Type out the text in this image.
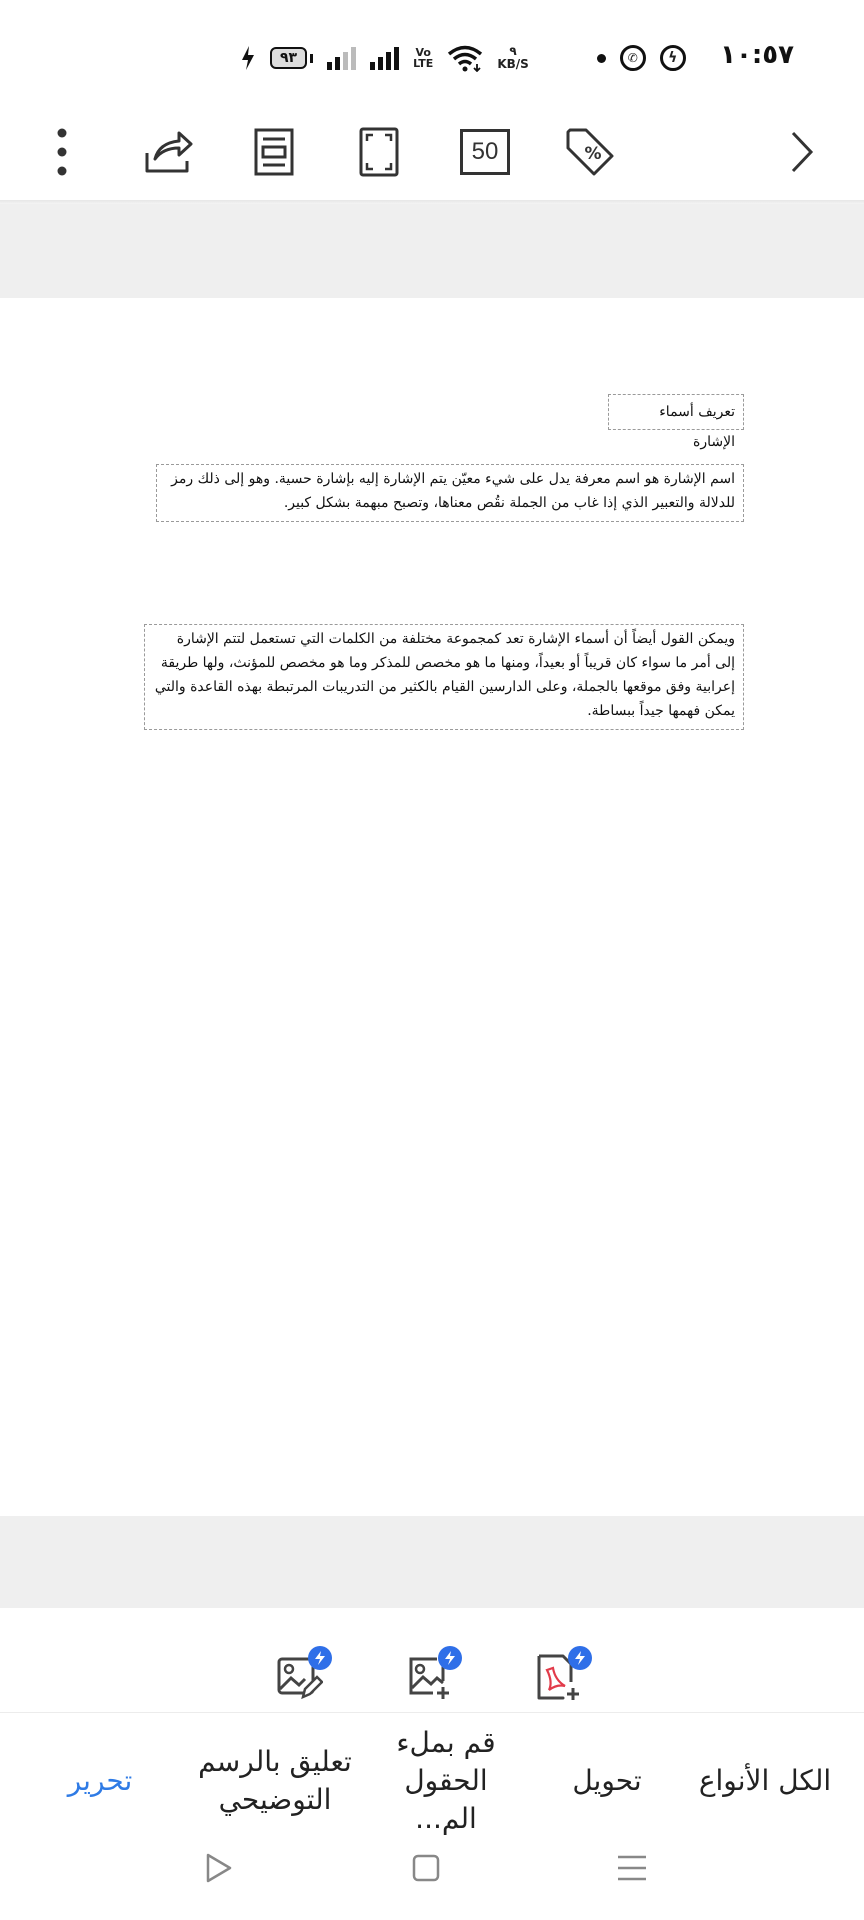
٩٣	Vo
LTE
٩
KB/S	✆	ϟ	١٠:٥٧
50	%
تعريف أسماء الإشارة
اسم الإشارة هو اسم معرفة يدل على شيء معيّن يتم الإشارة إليه بإشارة حسية. وهو إلى ذلك رمز للدلالة والتعبير الذي إذا غاب من الجملة نقُص معناها، وتصبح مبهمة بشكل كبير.
ويمكن القول أيضاً أن أسماء الإشارة تعد كمجموعة مختلفة من الكلمات التي تستعمل لتتم الإشارة إلى أمر ما سواء كان قريباً أو بعيداً، ومنها ما هو مخصص للمذكر وما هو مخصص للمؤنث، ولها طريقة إعرابية وفق موقعها بالجملة، وعلى الدارسين القيام بالكثير من التدريبات المرتبطة بهذه القاعدة والتي يمكن فهمها جيداً ببساطة.
الكل الأنواع
تحويل
قم بملء الحقول الم...
تعليق بالرسم التوضيحي
تحرير
